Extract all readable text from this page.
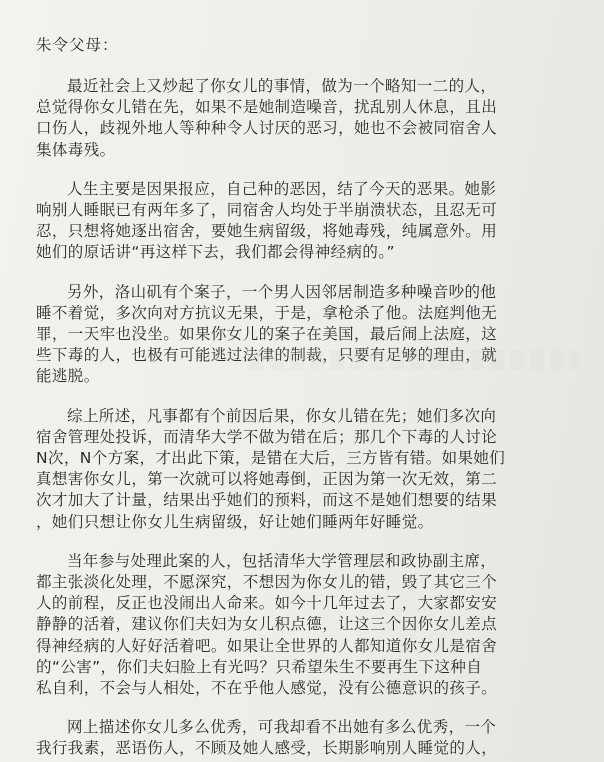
朱令父母：
最近社会上又炒起了你女儿的事情，做为一个略知一二的人，
总觉得你女儿错在先，如果不是她制造噪音，扰乱别人休息，且出
口伤人，歧视外地人等种种令人讨厌的恶习，她也不会被同宿舍人
集体毒残。
人生主要是因果报应，自己种的恶因，结了今天的恶果。她影
响别人睡眠已有两年多了，同宿舍人均处于半崩溃状态，且忍无可
忍，只想将她逐出宿舍，要她生病留级，将她毒残，纯属意外。用
她们的原话讲“再这样下去，我们都会得神经病的。”
另外，洛山矶有个案子，一个男人因邻居制造多种噪音吵的他
睡不着觉，多次向对方抗议无果，于是，拿枪杀了他。法庭判他无
罪，一天牢也没坐。如果你女儿的案子在美国，最后闹上法庭，这
些下毒的人，也极有可能逃过法律的制裁，只要有足够的理由，就
能逃脱。
综上所述，凡事都有个前因后果，你女儿错在先；她们多次向
宿舍管理处投诉，而清华大学不做为错在后；那几个下毒的人讨论
N次，N个方案，才出此下策，是错在大后，三方皆有错。如果她们
真想害你女儿，第一次就可以将她毒倒，正因为第一次无效，第二
次才加大了计量，结果出乎她们的预料，而这不是她们想要的结果
，她们只想让你女儿生病留级，好让她们睡两年好睡觉。
当年参与处理此案的人，包括清华大学管理层和政协副主席，
都主张淡化处理，不愿深究，不想因为你女儿的错，毁了其它三个
人的前程，反正也没闹出人命来。如今十几年过去了，大家都安安
静静的活着，建议你们夫妇为女儿积点德，让这三个因你女儿差点
得神经病的人好好活着吧。如果让全世界的人都知道你女儿是宿舍
的“公害”，你们夫妇脸上有光吗？只希望朱生不要再生下这种自
私自利，不会与人相处，不在乎他人感觉，没有公德意识的孩子。
网上描述你女儿多么优秀，可我却看不出她有多么优秀，一个
我行我素，恶语伤人，不顾及她人感受，长期影响別人睡觉的人，
